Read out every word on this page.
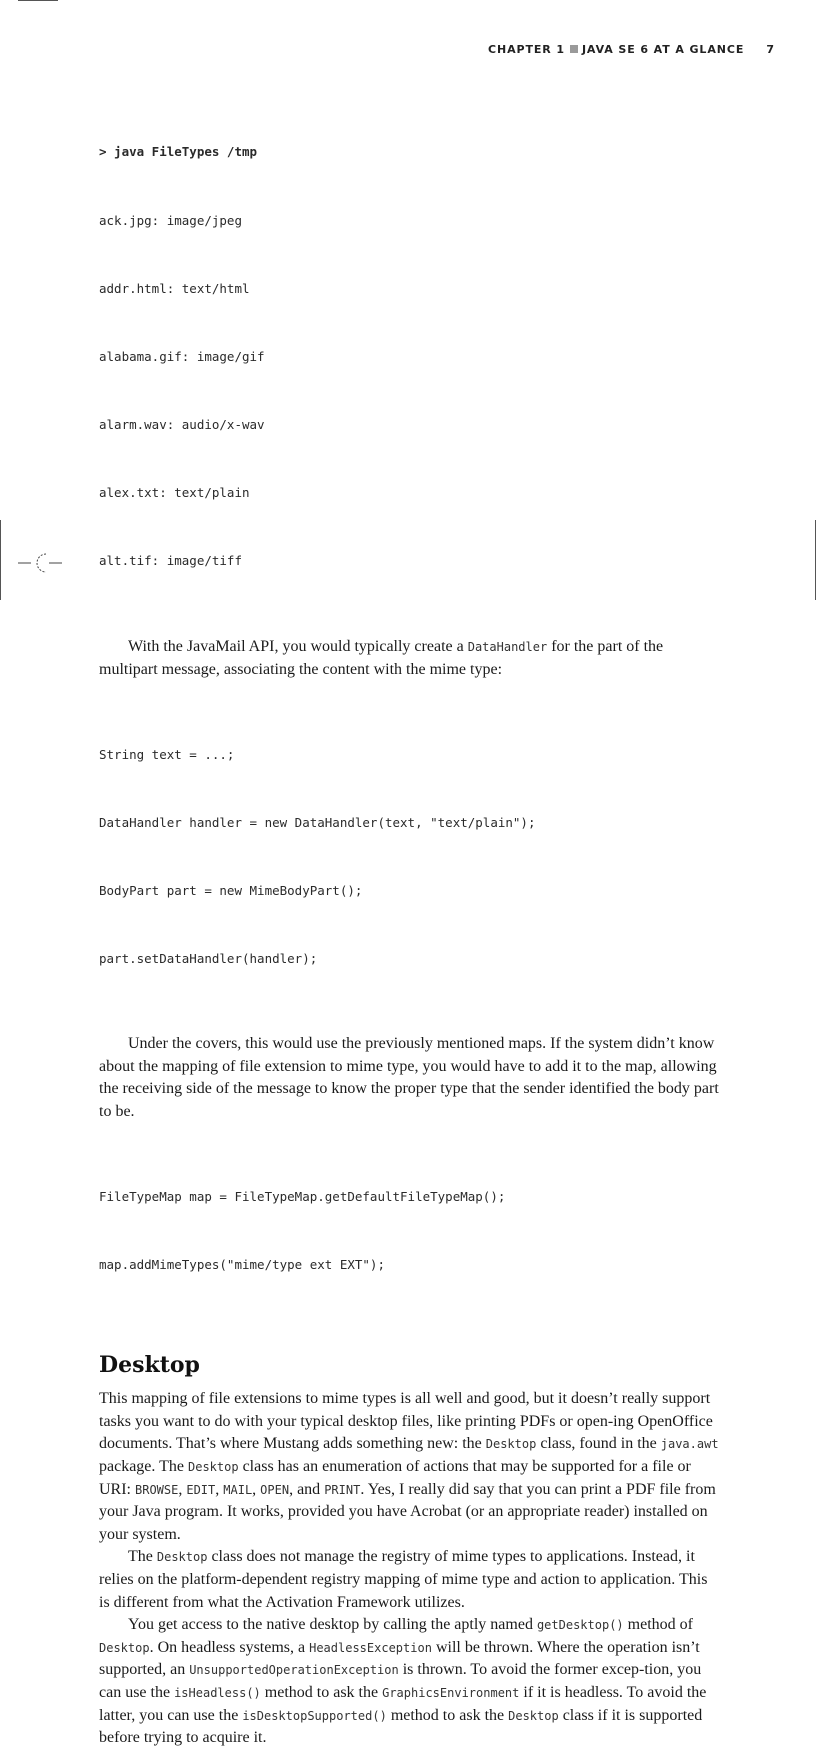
CHAPTER 1 JAVA SE 6 AT A GLANCE 7

> java FileTypes /tmp

ack.jpg: image/jpeg

addr.html: text/html

alabama.gif: image/gif

alarm.wav: audio/x-wav

alex.txt: text/plain

alt.tif: image/tiff

With the JavaMail API, you would typically create a DataHandler for the part of the multipart message, associating the content with the mime type:

String text = ...;

DataHandler handler = new DataHandler(text, "text/plain");

BodyPart part = new MimeBodyPart();

part.setDataHandler(handler);

Under the covers, this would use the previously mentioned maps. If the system didn’t know about the mapping of file extension to mime type, you would have to add it to the map, allowing the receiving side of the message to know the proper type that the sender identified the body part to be.

FileTypeMap map = FileTypeMap.getDefaultFileTypeMap();

map.addMimeTypes("mime/type ext EXT");

Desktop

This mapping of file extensions to mime types is all well and good, but it doesn’t really support tasks you want to do with your typical desktop files, like printing PDFs or open-ing OpenOffice documents. That’s where Mustang adds something new: the Desktop class, found in the java.awt package. The Desktop class has an enumeration of actions that may be supported for a file or URI: BROWSE, EDIT, MAIL, OPEN, and PRINT. Yes, I really did say that you can print a PDF file from your Java program. It works, provided you have Acrobat (or an appropriate reader) installed on your system.

The Desktop class does not manage the registry of mime types to applications. Instead, it relies on the platform-dependent registry mapping of mime type and action to application. This is different from what the Activation Framework utilizes.

You get access to the native desktop by calling the aptly named getDesktop() method of Desktop. On headless systems, a HeadlessException will be thrown. Where the operation isn’t supported, an UnsupportedOperationException is thrown. To avoid the former excep-tion, you can use the isHeadless() method to ask the GraphicsEnvironment if it is headless. To avoid the latter, you can use the isDesktopSupported() method to ask the Desktop class if it is supported before trying to acquire it.
